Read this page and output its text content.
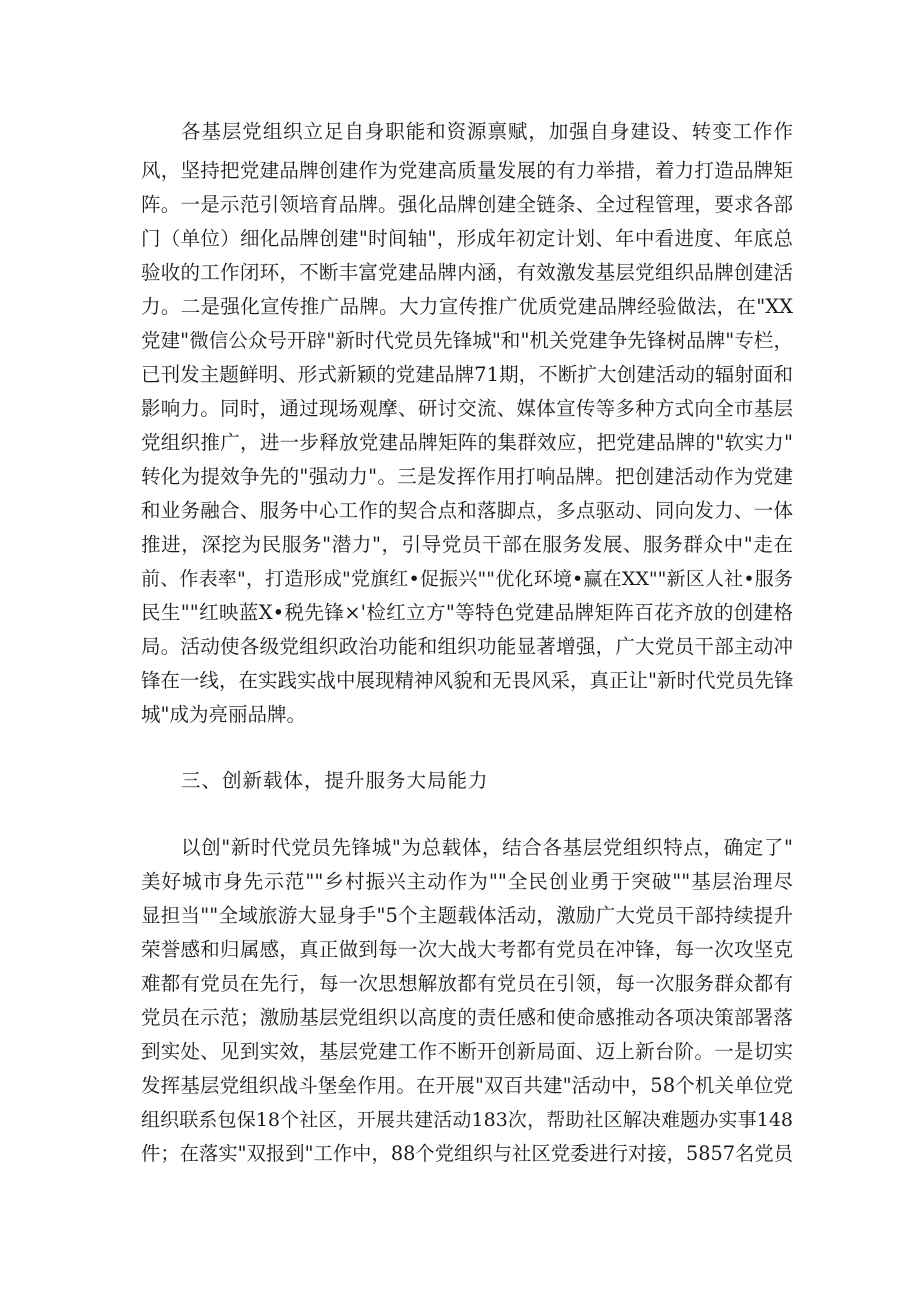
各基层党组织立足自身职能和资源禀赋，加强自身建设、转变工作作
风，坚持把党建品牌创建作为党建高质量发展的有力举措，着力打造品牌矩
阵。一是示范引领培育品牌。强化品牌创建全链条、全过程管理，要求各部
门（单位）细化品牌创建"时间轴"，形成年初定计划、年中看进度、年底总
验收的工作闭环，不断丰富党建品牌内涵，有效激发基层党组织品牌创建活
力。二是强化宣传推广品牌。大力宣传推广优质党建品牌经验做法，在"XX
党建"微信公众号开辟"新时代党员先锋城"和"机关党建争先锋树品牌"专栏，
已刊发主题鲜明、形式新颖的党建品牌71期，不断扩大创建活动的辐射面和
影响力。同时，通过现场观摩、研讨交流、媒体宣传等多种方式向全市基层
党组织推广，进一步释放党建品牌矩阵的集群效应，把党建品牌的"软实力"
转化为提效争先的"强动力"。三是发挥作用打响品牌。把创建活动作为党建
和业务融合、服务中心工作的契合点和落脚点，多点驱动、同向发力、一体
推进，深挖为民服务"潜力"，引导党员干部在服务发展、服务群众中"走在
前、作表率"，打造形成"党旗红•促振兴""优化环境•赢在XX""新区人社•服务
民生""红映蓝X•税先锋×'检红立方"等特色党建品牌矩阵百花齐放的创建格
局。活动使各级党组织政治功能和组织功能显著增强，广大党员干部主动冲
锋在一线，在实践实战中展现精神风貌和无畏风采，真正让"新时代党员先锋
城"成为亮丽品牌。
三、创新载体，提升服务大局能力
以创"新时代党员先锋城"为总载体，结合各基层党组织特点，确定了"
美好城市身先示范""乡村振兴主动作为""全民创业勇于突破""基层治理尽
显担当""全域旅游大显身手"5个主题载体活动，激励广大党员干部持续提升
荣誉感和归属感，真正做到每一次大战大考都有党员在冲锋，每一次攻坚克
难都有党员在先行，每一次思想解放都有党员在引领，每一次服务群众都有
党员在示范；激励基层党组织以高度的责任感和使命感推动各项决策部署落
到实处、见到实效，基层党建工作不断开创新局面、迈上新台阶。一是切实
发挥基层党组织战斗堡垒作用。在开展"双百共建"活动中，58个机关单位党
组织联系包保18个社区，开展共建活动183次，帮助社区解决难题办实事148
件；在落实"双报到"工作中，88个党组织与社区党委进行对接，5857名党员
